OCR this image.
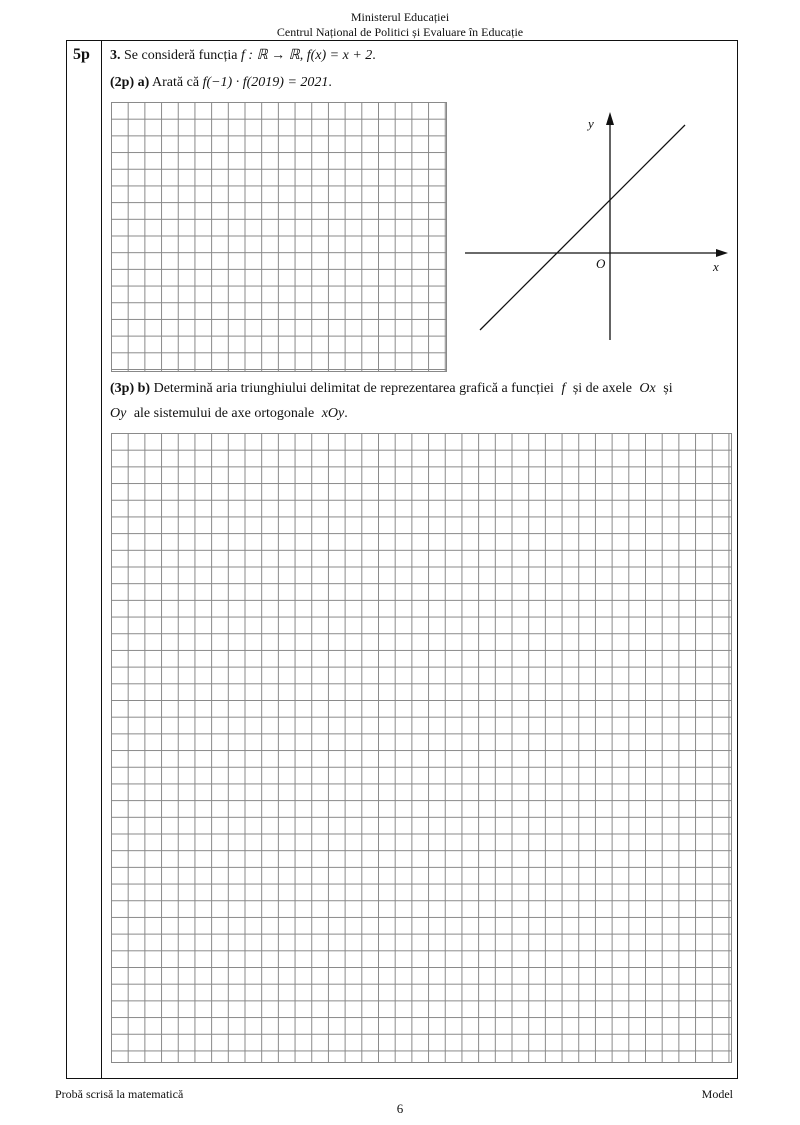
Ministerul Educației
Centrul Național de Politici și Evaluare în Educație
5p 3. Se consideră funcția f : ℝ → ℝ, f(x) = x + 2.
(2p) a) Arată că f(−1) · f(2019) = 2021.
y
x
O
(3p) b) Determină aria triunghiului delimitat de reprezentarea grafică a funcției f și de axele Ox și
Oy ale sistemului de axe ortogonale xOy.
Probă scrisă la matematică	Model
6
